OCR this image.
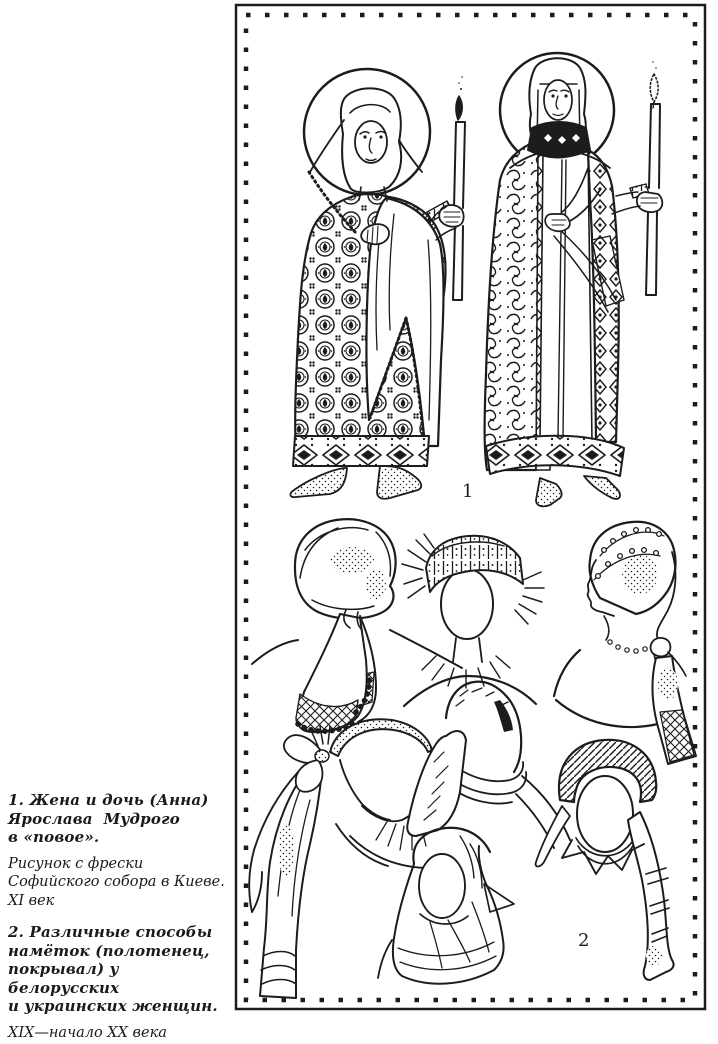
1
2
1. Жена и дочь (Анна)
Ярослава  Мудрого
в «повое».
Рисунок с фрески
Софийского собора в Киеве.
XI век
2. Различные способы
намёток (полотенец,
покрывал) у белорусских
и украинских женщин.
XIX—начало XX века
